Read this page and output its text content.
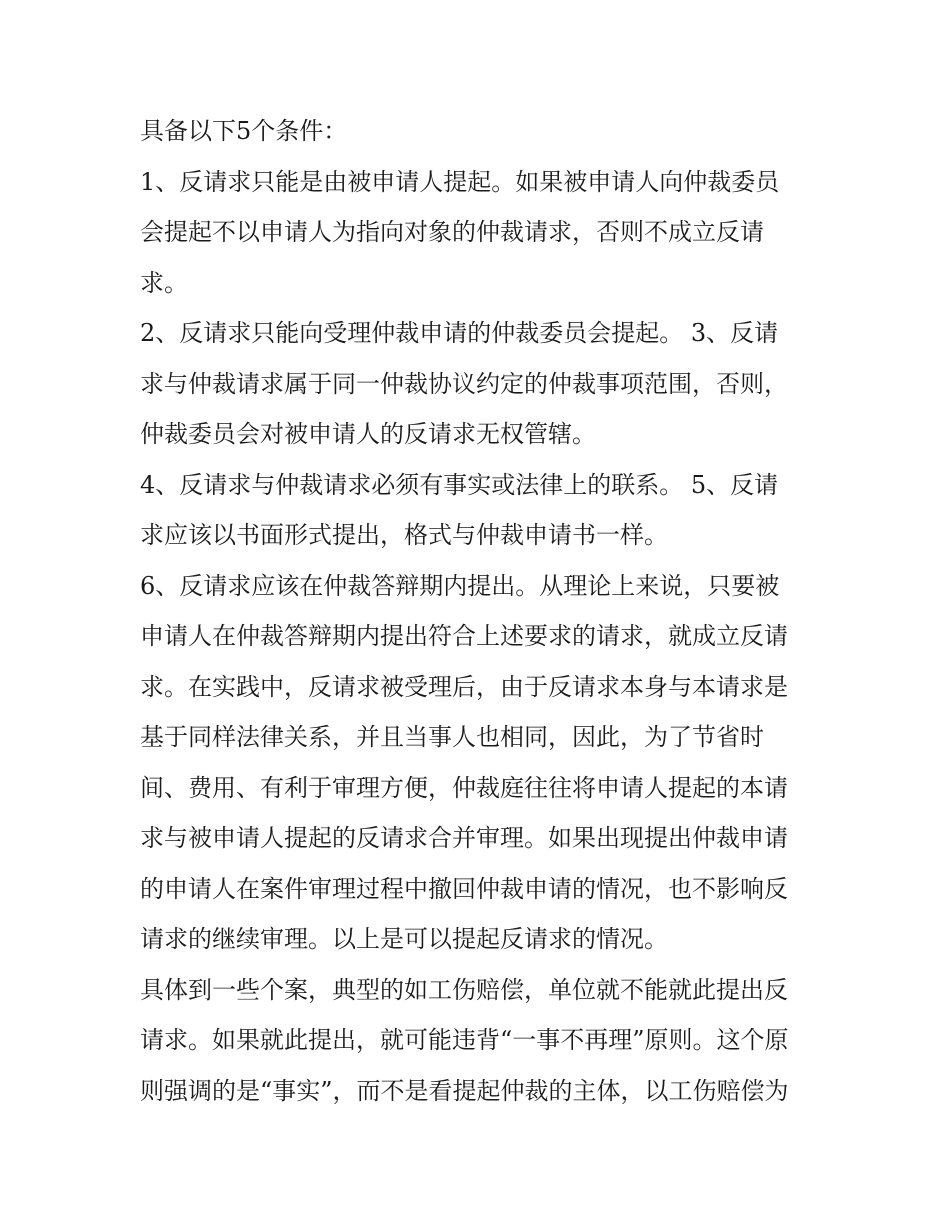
具备以下5个条件：
1、反请求只能是由被申请人提起。如果被申请人向仲裁委员
会提起不以申请人为指向对象的仲裁请求，否则不成立反请
求。
2、反请求只能向受理仲裁申请的仲裁委员会提起。 3、反请
求与仲裁请求属于同一仲裁协议约定的仲裁事项范围，否则，
仲裁委员会对被申请人的反请求无权管辖。
4、反请求与仲裁请求必须有事实或法律上的联系。 5、反请
求应该以书面形式提出，格式与仲裁申请书一样。
6、反请求应该在仲裁答辩期内提出。从理论上来说，只要被
申请人在仲裁答辩期内提出符合上述要求的请求，就成立反请
求。在实践中，反请求被受理后，由于反请求本身与本请求是
基于同样法律关系，并且当事人也相同，因此，为了节省时
间、费用、有利于审理方便，仲裁庭往往将申请人提起的本请
求与被申请人提起的反请求合并审理。如果出现提出仲裁申请
的申请人在案件审理过程中撤回仲裁申请的情况，也不影响反
请求的继续审理。以上是可以提起反请求的情况。
具体到一些个案，典型的如工伤赔偿，单位就不能就此提出反
请求。如果就此提出，就可能违背“一事不再理”原则。这个原
则强调的是“事实”，而不是看提起仲裁的主体，以工伤赔偿为
